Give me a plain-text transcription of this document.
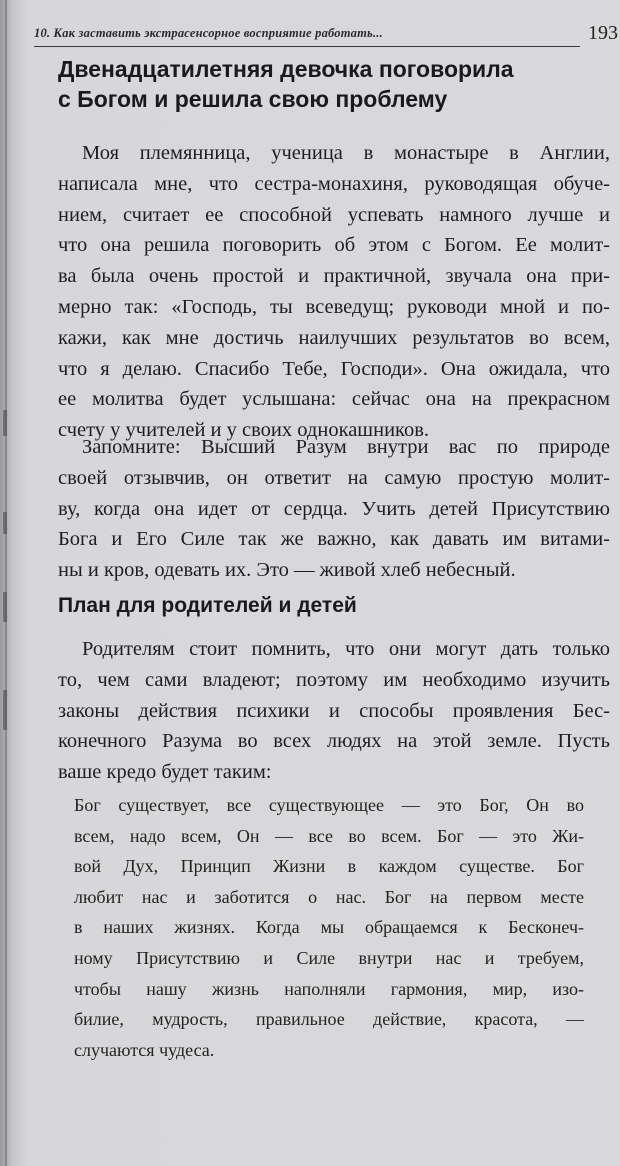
10. Как заставить экстрасенсорное восприятие работать...	193
Двенадцатилетняя девочка поговорила
с Богом и решила свою проблему
Моя племянница, ученица в монастыре в Англии,
написала мне, что сестра-монахиня, руководящая обуче-
нием, считает ее способной успевать намного лучше и
что она решила поговорить об этом с Богом. Ее молит-
ва была очень простой и практичной, звучала она при-
мерно так: «Господь, ты всеведущ; руководи мной и по-
кажи, как мне достичь наилучших результатов во всем,
что я делаю. Спасибо Тебе, Господи». Она ожидала, что
ее молитва будет услышана: сейчас она на прекрасном
счету у учителей и у своих однокашников.
Запомните: Высший Разум внутри вас по природе
своей отзывчив, он ответит на самую простую молит-
ву, когда она идет от сердца. Учить детей Присутствию
Бога и Его Силе так же важно, как давать им витами-
ны и кров, одевать их. Это — живой хлеб небесный.
План для родителей и детей
Родителям стоит помнить, что они могут дать только
то, чем сами владеют; поэтому им необходимо изучить
законы действия психики и способы проявления Бес-
конечного Разума во всех людях на этой земле. Пусть
ваше кредо будет таким:
Бог существует, все существующее — это Бог, Он во
всем, надо всем, Он — все во всем. Бог — это Жи-
вой Дух, Принцип Жизни в каждом существе. Бог
любит нас и заботится о нас. Бог на первом месте
в наших жизнях. Когда мы обращаемся к Бесконеч-
ному Присутствию и Силе внутри нас и требуем,
чтобы нашу жизнь наполняли гармония, мир, изо-
билие, мудрость, правильное действие, красота, —
случаются чудеса.
